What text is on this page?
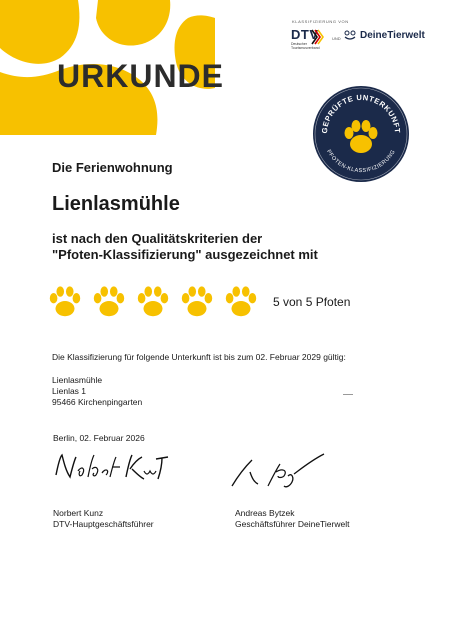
URKUNDE
KLASSIFIZIERUNG VON
DTV
Deutscher
Tourismusverband
UND DeineTierwelt
GEPRÜFTE UNTERKUNFT
PFOTEN-KLASSIFIZIERUNG
Die Ferienwohnung
Lienlasmühle
ist nach den Qualitätskriterien der
"Pfoten-Klassifizierung" ausgezeichnet mit
5 von 5 Pfoten
Die Klassifizierung für folgende Unterkunft ist bis zum 02. Februar 2029 gültig:
Lienlasmühle
Lienlas 1
95466 Kirchenpingarten
Berlin, 02. Februar 2026
Norbert Kunz
DTV-Hauptgeschäftsführer
Andreas Bytzek
Geschäftsführer DeineTierwelt
